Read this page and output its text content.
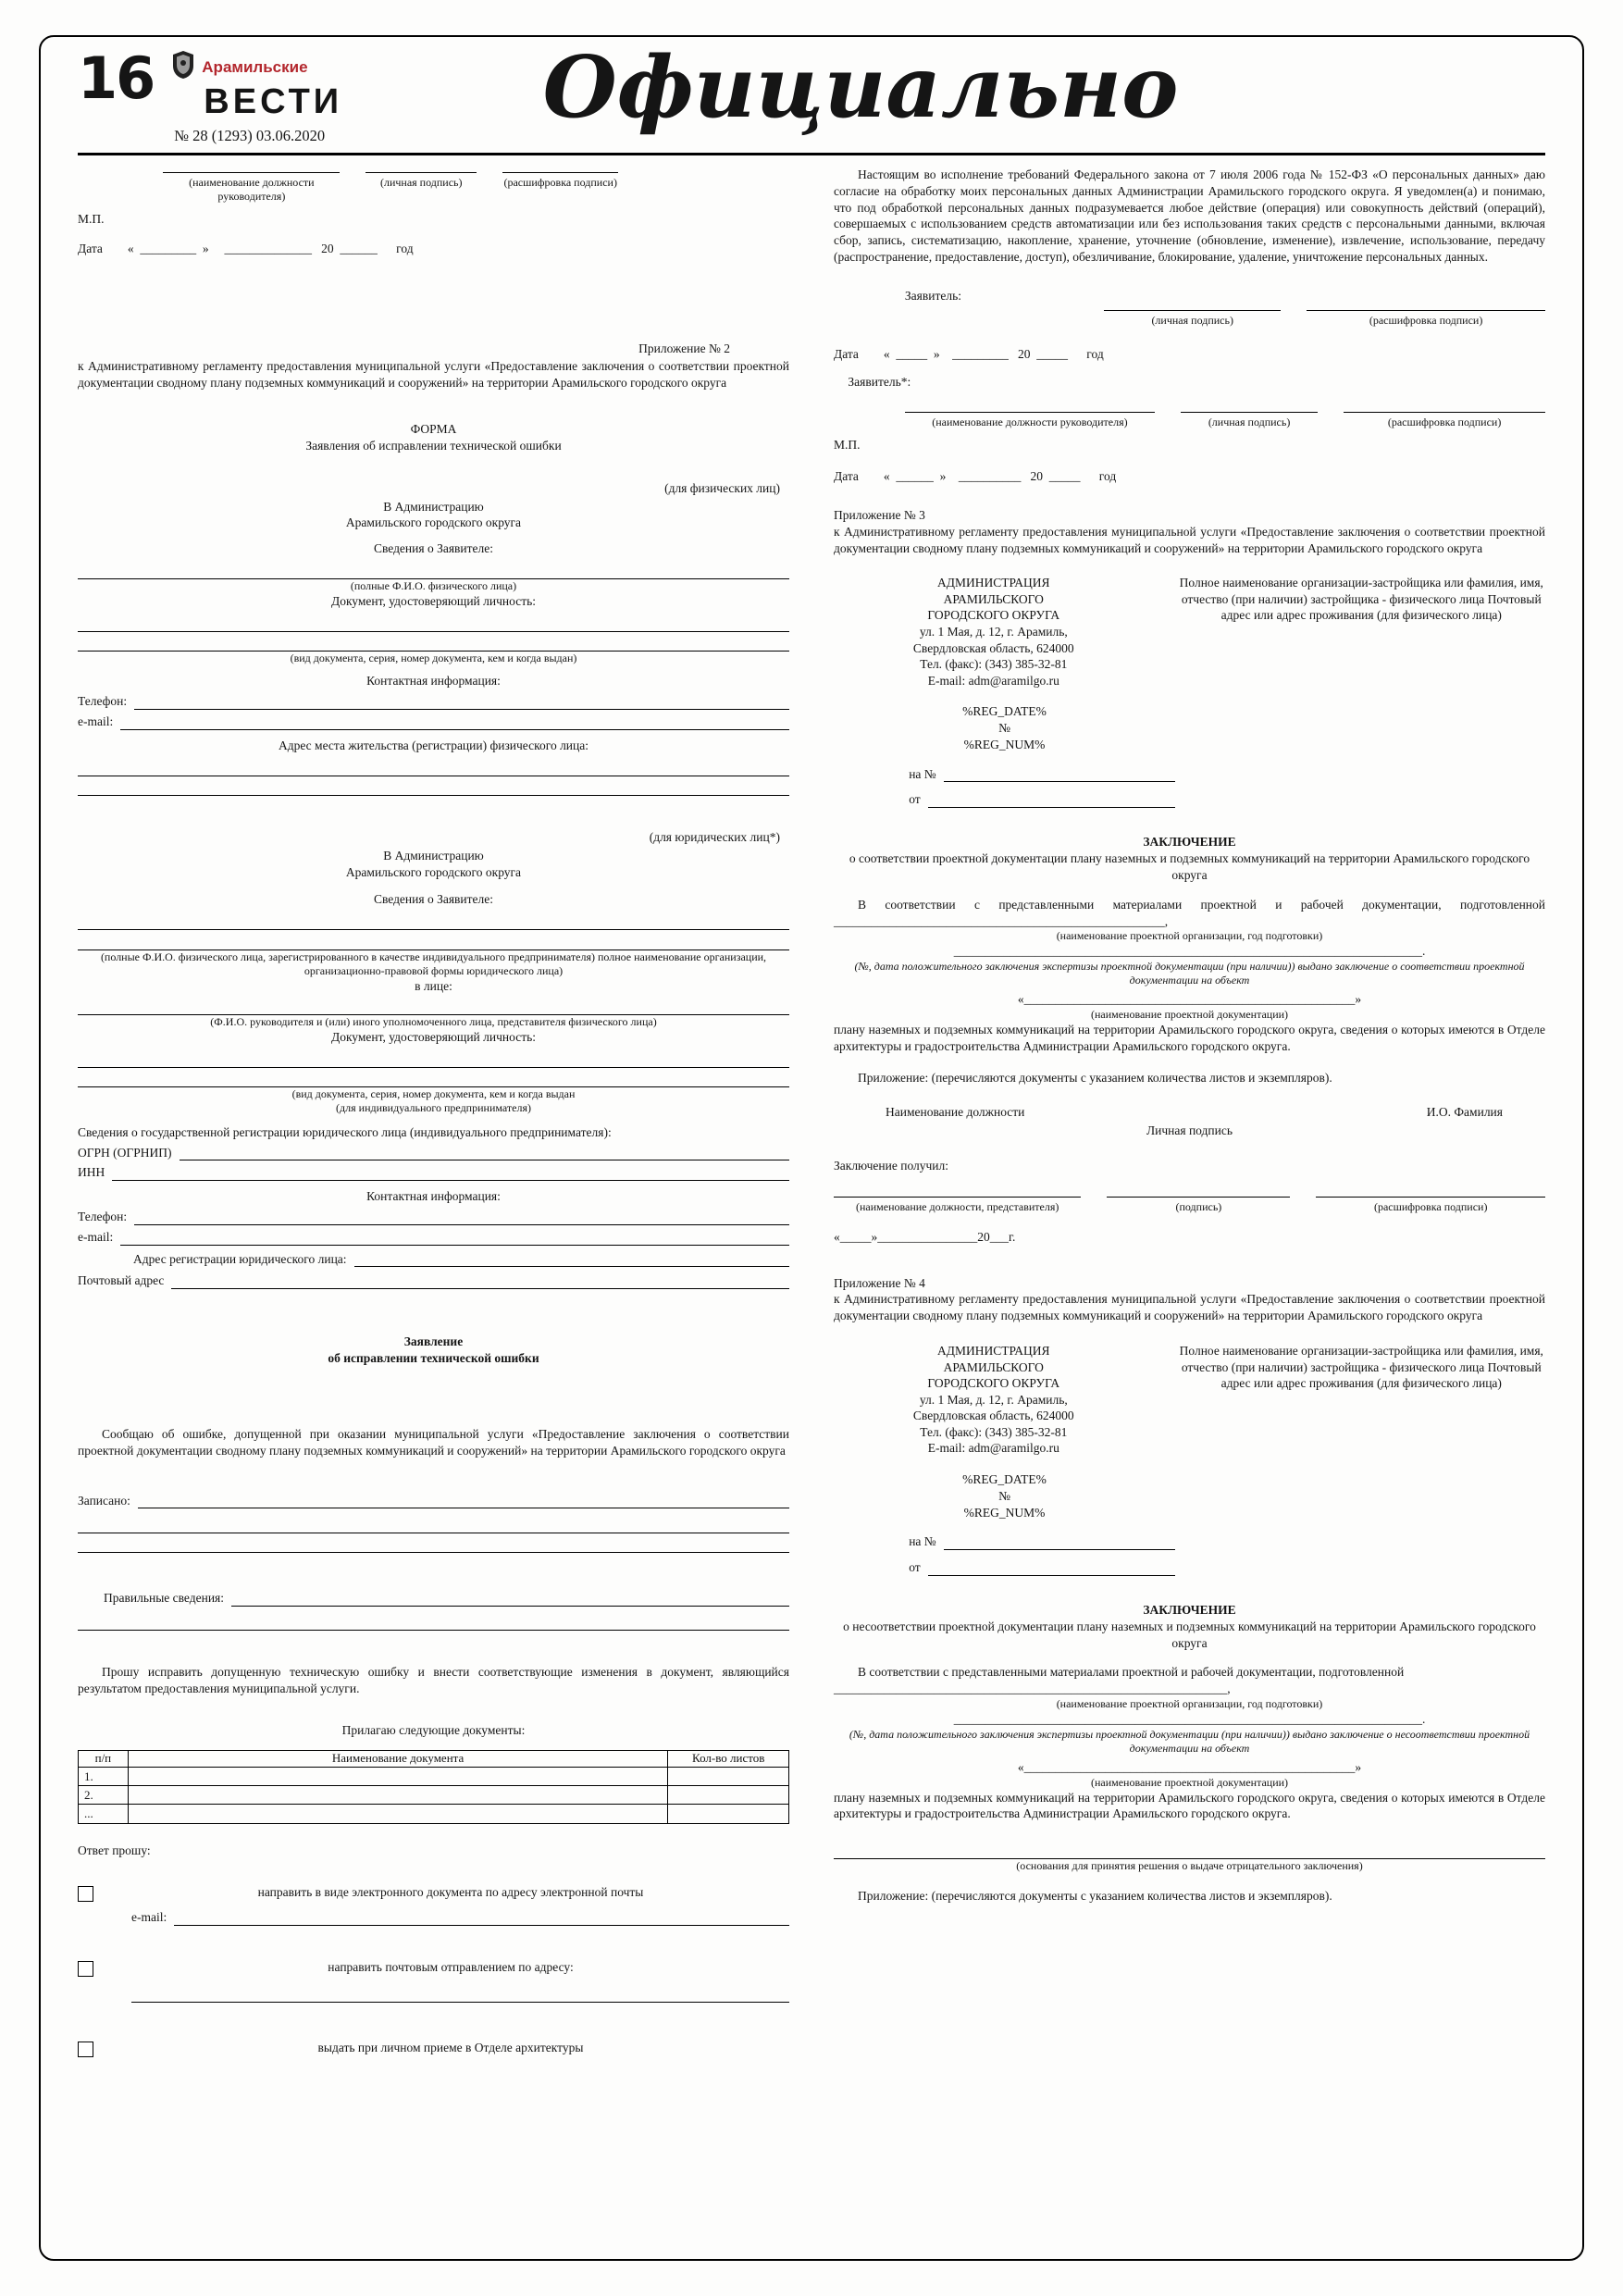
16	Арамильские
ВЕСТИ
№ 28 (1293) 03.06.2020	Официально
(наименование должности руководителя)
(личная подпись)	(расшифровка подписи)
М.П.
Дата        «  _________  »     ______________   20  ______      год
Приложение № 2
к Административному регламенту предоставления муниципальной услуги «Предоставление заключения о соответствии проектной документации сводному плану подземных коммуникаций и сооружений» на территории Арамильского городского округа
ФОРМА
Заявления об исправлении технической ошибки
(для физических лиц)
В Администрацию
Арамильского городского округа
Сведения о Заявителе:
(полные Ф.И.О. физического лица)
Документ, удостоверяющий личность:
(вид документа, серия, номер документа, кем и когда выдан)
Контактная информация:
Телефон:
e-mail:
Адрес места жительства (регистрации) физического лица:
(для юридических лиц*)
В Администрацию
Арамильского городского округа
Сведения о Заявителе:
(полные Ф.И.О. физического лица, зарегистрированного в качестве индивидуального предпринимателя) полное наименование организации, организационно-правовой формы юридического лица)
в лице:
(Ф.И.О. руководителя и (или) иного уполномоченного лица, представителя физического лица)
Документ, удостоверяющий личность:
(вид документа, серия, номер документа, кем и когда выдан
(для индивидуального предпринимателя)
Сведения о государственной регистрации юридического лица (индивидуального предпринимателя):
ОГРН (ОГРНИП)
ИНН
Контактная информация:
Телефон:
e-mail:
Адрес регистрации юридического лица:
Почтовый адрес
Заявление
об исправлении технической ошибки
Сообщаю об ошибке, допущенной при оказании муниципальной услуги «Предоставление заключения о соответствии проектной документации сводному плану подземных коммуникаций и сооружений» на территории Арамильского городского округа
Записано:
Правильные сведения:
Прошу исправить допущенную техническую ошибку и внести соответствующие изменения в документ, являющийся результатом предоставления муниципальной услуги.
Прилагаю следующие документы:
п/п	Наименование документа	Кол-во листов
1.		
2.		
...		
Ответ прошу:
направить в виде электронного документа по адресу электронной почты
e-mail:
направить почтовым отправлением по адресу:
выдать при личном приеме в Отделе архитектуры
Настоящим во исполнение требований Федерального закона от 7 июля 2006 года № 152-ФЗ «О персональных данных» даю согласие на обработку моих персональных данных Администрации Арамильского городского округа. Я уведомлен(а) и понимаю, что под обработкой персональных данных подразумевается любое действие (операция) или совокупность действий (операций), совершаемых с использованием средств автоматизации или без использования таких средств с персональными данными, включая сбор, запись, систематизацию, накопление, хранение, уточнение (обновление, изменение), извлечение, использование, передачу (распространение, предоставление, доступ), обезличивание, блокирование, удаление, уничтожение персональных данных.
Заявитель:
(личная подпись)	(расшифровка подписи)
Дата        «  _____  »    _________   20  _____      год
Заявитель*:
(наименование должности руководителя)	(личная подпись)	(расшифровка подписи)
М.П.
Дата        «  ______  »    __________   20  _____      год
Приложение № 3
к Административному регламенту предоставления муниципальной услуги «Предоставление заключения о соответствии проектной документации сводному плану подземных коммуникаций и сооружений» на территории Арамильского городского округа
АДМИНИСТРАЦИЯ
АРАМИЛЬСКОГО
ГОРОДСКОГО ОКРУГА
ул. 1 Мая, д. 12, г. Арамиль,
Свердловская область, 624000
Тел. (факс): (343) 385-32-81
E-mail: adm@aramilgo.ru
Полное наименование организации-застройщика или фамилия, имя, отчество (при наличии) застройщика - физического лица Почтовый адрес или адрес проживания (для физического лица)
%REG_DATE%
№
%REG_NUM%
на №
от
ЗАКЛЮЧЕНИЕ
о соответствии проектной документации плану наземных и подземных коммуникаций на территории Арамильского городского округа
В соответствии с представленными материалами проектной и рабочей документации, подготовленной _____________________________________________________,
(наименование проектной организации, год подготовки)
___________________________________________________________________________.
(№, дата положительного заключения экспертизы проектной документации (при наличии)) выдано заключение о соответствии проектной документации на объект
«_____________________________________________________»
(наименование проектной документации)
плану наземных и подземных коммуникаций на территории Арамильского городского округа, сведения о которых имеются в Отделе архитектуры и градостроительства Администрации Арамильского городского округа.
Приложение: (перечисляются документы с указанием количества листов и экземпляров).
Наименование должности	И.О. Фамилия
Личная подпись
Заключение получил:
(наименование должности, представителя)	(подпись)	(расшифровка подписи)
«_____»________________20___г.
Приложение № 4
к Административному регламенту предоставления муниципальной услуги «Предоставление заключения о соответствии проектной документации сводному плану подземных коммуникаций и сооружений» на территории Арамильского городского округа
АДМИНИСТРАЦИЯ
АРАМИЛЬСКОГО
ГОРОДСКОГО ОКРУГА
ул. 1 Мая, д. 12, г. Арамиль,
Свердловская область, 624000
Тел. (факс): (343) 385-32-81
E-mail: adm@aramilgo.ru
Полное наименование организации-застройщика или фамилия, имя, отчество (при наличии) застройщика - физического лица Почтовый адрес или адрес проживания (для физического лица)
%REG_DATE%
№
%REG_NUM%
на №
от
ЗАКЛЮЧЕНИЕ
о несоответствии проектной документации плану наземных и подземных коммуникаций на территории Арамильского городского округа
В соответствии с представленными материалами проектной и рабочей документации, подготовленной
_______________________________________________________________,
(наименование проектной организации, год подготовки)
___________________________________________________________________________.
(№, дата положительного заключения экспертизы проектной документации (при наличии)) выдано заключение о несоответствии проектной документации на объект
«_____________________________________________________»
(наименование проектной документации)
плану наземных и подземных коммуникаций на территории Арамильского городского округа, сведения о которых имеются в Отделе архитектуры и градостроительства Администрации Арамильского городского округа.
(основания для принятия решения о выдаче отрицательного заключения)
Приложение: (перечисляются документы с указанием количества листов и экземпляров).
